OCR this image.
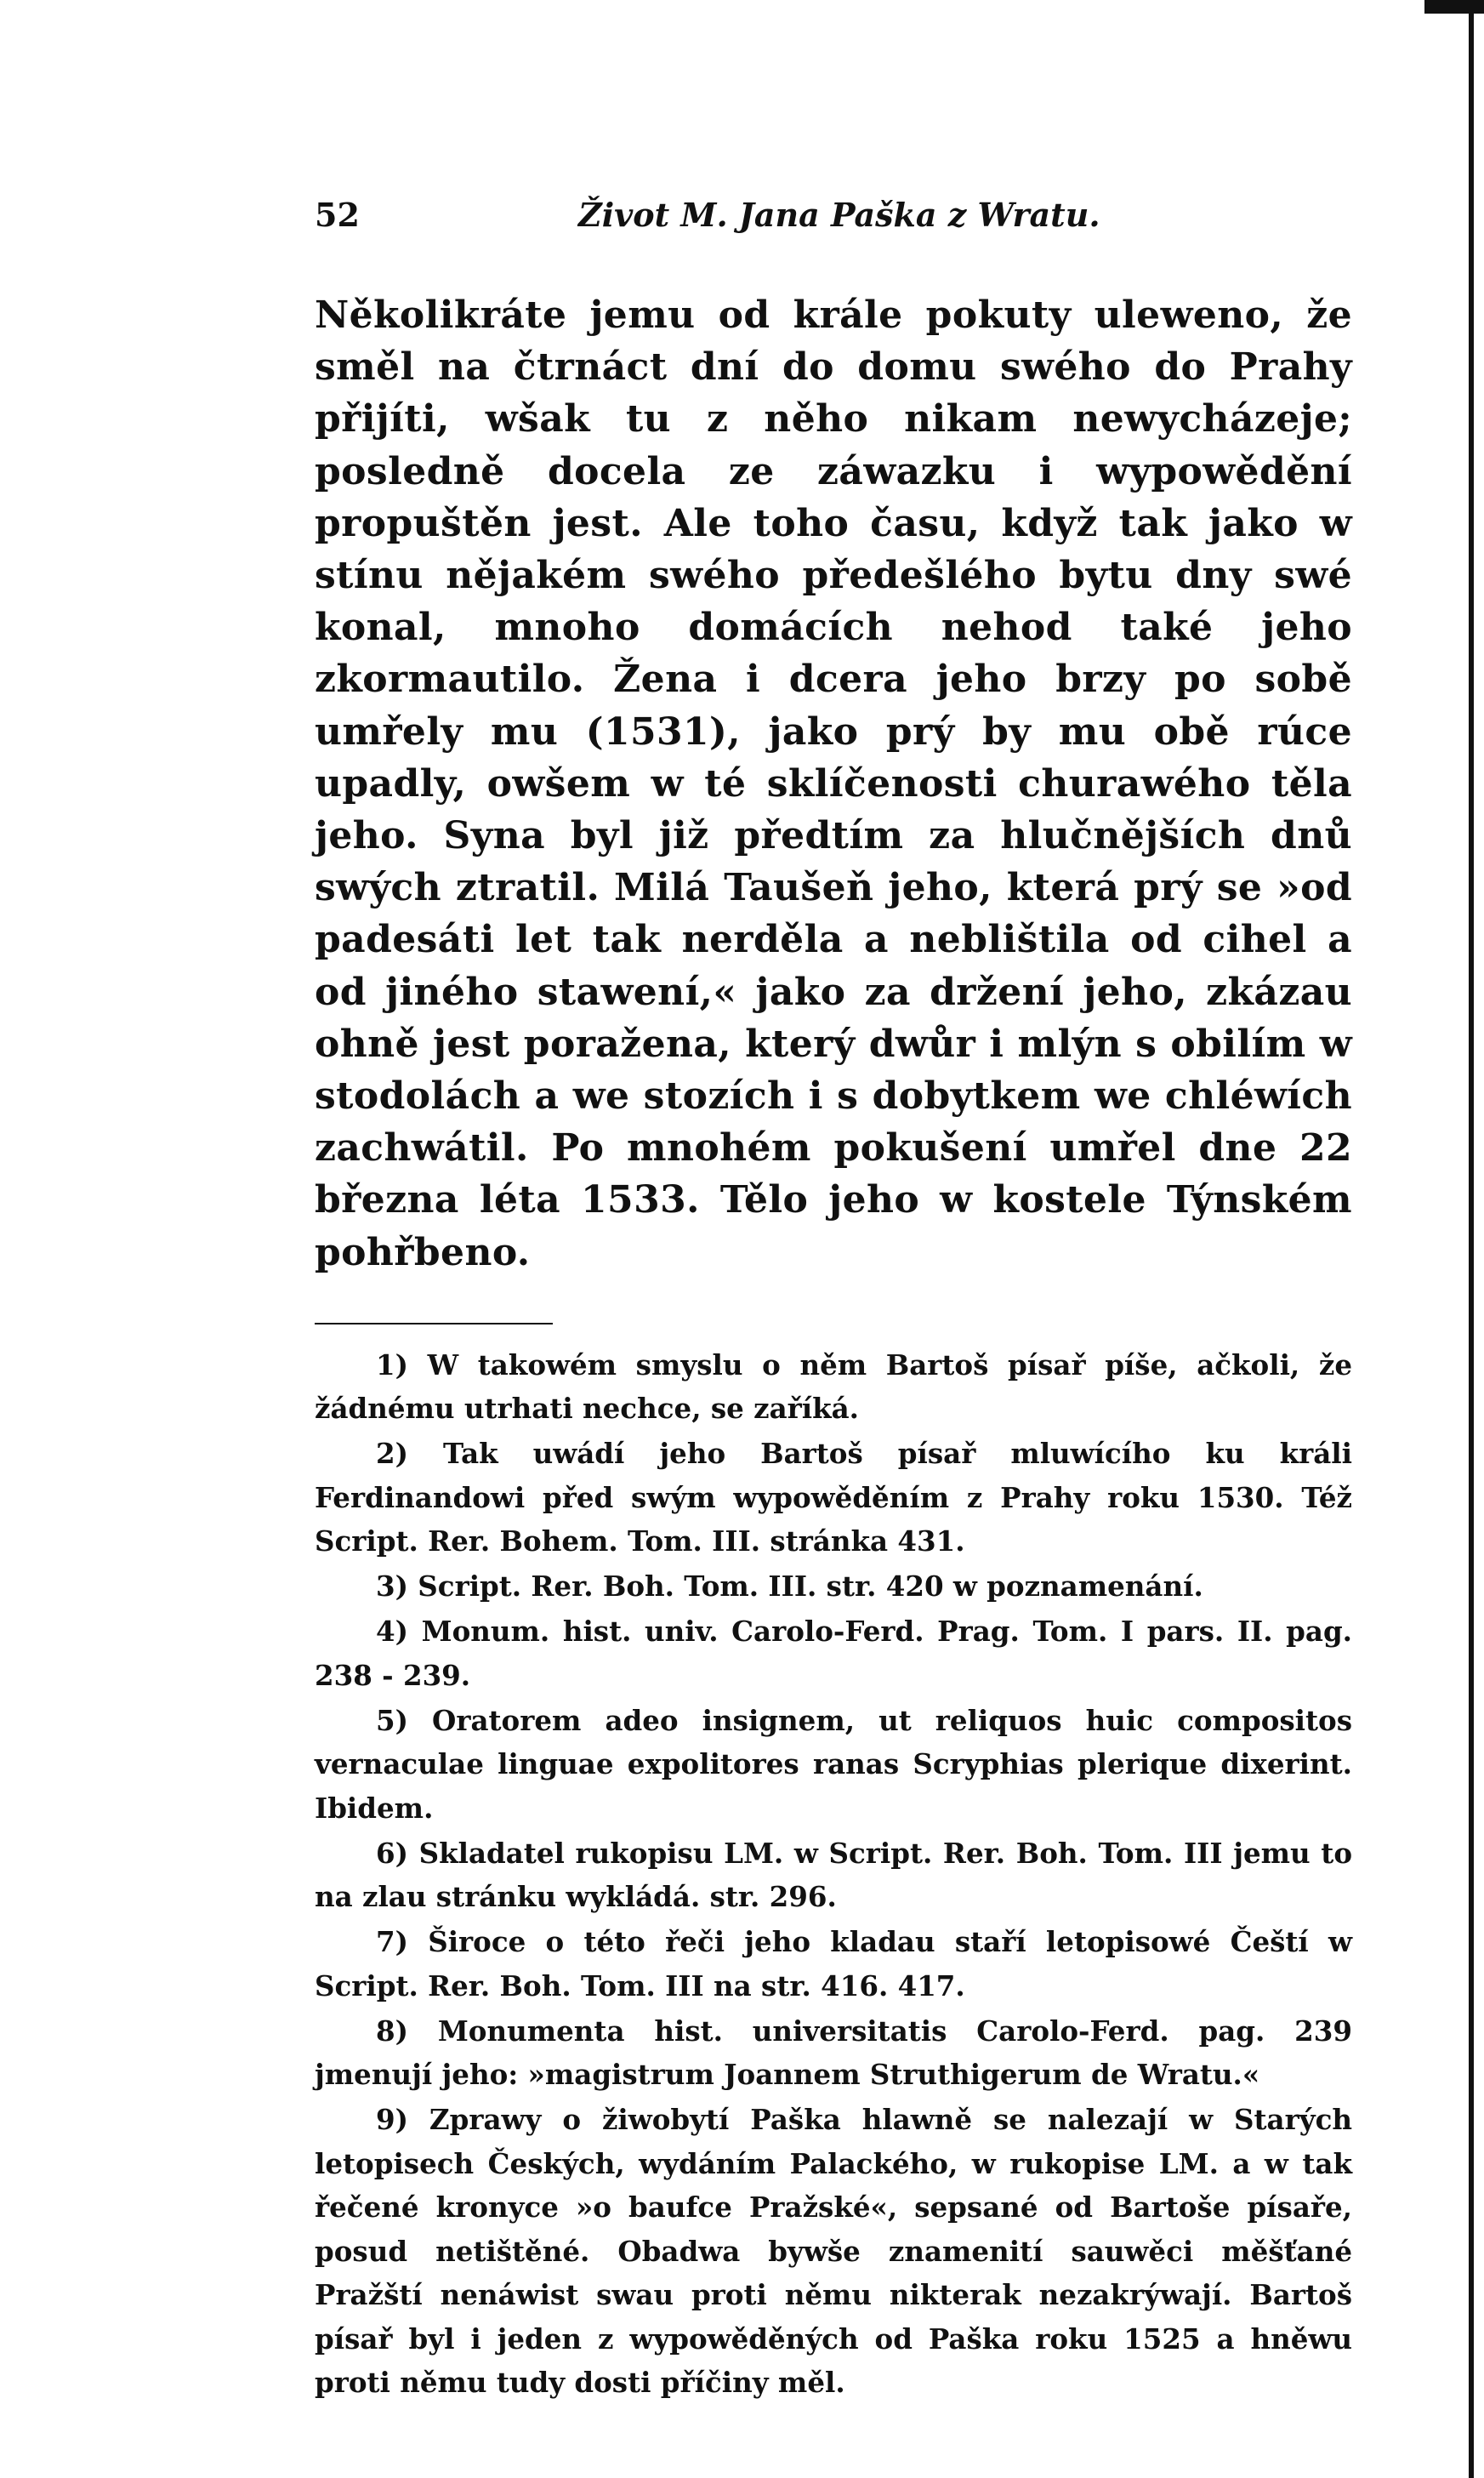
52	Život M. Jana Paška z Wratu.
Několikráte jemu od krále pokuty uleweno, že směl na čtrnáct dní do domu swého do Prahy přijíti, wšak tu z něho nikam newycházeje; posledně docela ze záwazku i wypowědění propuštěn jest. Ale toho času, když tak jako w stínu nějakém swého předešlého bytu dny swé konal, mnoho domácích nehod také jeho zkormautilo. Žena i dcera jeho brzy po sobě umřely mu (1531), jako prý by mu obě rúce upadly, owšem w té sklíčenosti churawého těla jeho. Syna byl již předtím za hlučnějších dnů swých ztratil. Milá Taušeň jeho, která prý se »od padesáti let tak nerděla a neblištila od cihel a od jiného stawení,« jako za držení jeho, zkázau ohně jest poražena, který dwůr i mlýn s obilím w stodolách a we stozích i s dobytkem we chléwích zachwátil. Po mnohém pokušení umřel dne 22 března léta 1533. Tělo jeho w kostele Týnském pohřbeno.

1) W takowém smyslu o něm Bartoš písař píše, ačkoli, že žádnému utrhati nechce, se zaříká.

2) Tak uwádí jeho Bartoš písař mluwícího ku králi Ferdinandowi před swým wypowěděním z Prahy roku 1530. Též Script. Rer. Bohem. Tom. III. stránka 431.

3) Script. Rer. Boh. Tom. III. str. 420 w poznamenání.

4) Monum. hist. univ. Carolo-Ferd. Prag. Tom. I pars. II. pag. 238 - 239.

5) Oratorem adeo insignem, ut reliquos huic compositos vernaculae linguae expolitores ranas Scryphias plerique dixerint. Ibidem.

6) Skladatel rukopisu LM. w Script. Rer. Boh. Tom. III jemu to na zlau stránku wykládá. str. 296.

7) Široce o této řeči jeho kladau staří letopisowé Čeští w Script. Rer. Boh. Tom. III na str. 416. 417.

8) Monumenta hist. universitatis Carolo-Ferd. pag. 239 jmenují jeho: »magistrum Joannem Struthigerum de Wratu.«

9) Zprawy o žiwobytí Paška hlawně se nalezají w Starých letopisech Českých, wydáním Palackého, w rukopise LM. a w tak řečené kronyce »o baufce Pražské«, sepsané od Bartoše písaře, posud netištěné. Obadwa bywše znamenití sauwěci měšťané Pražští nenáwist swau proti němu nikterak nezakrýwají. Bartoš písař byl i jeden z wypowěděných od Paška roku 1525 a hněwu proti němu tudy dosti příčiny měl.
